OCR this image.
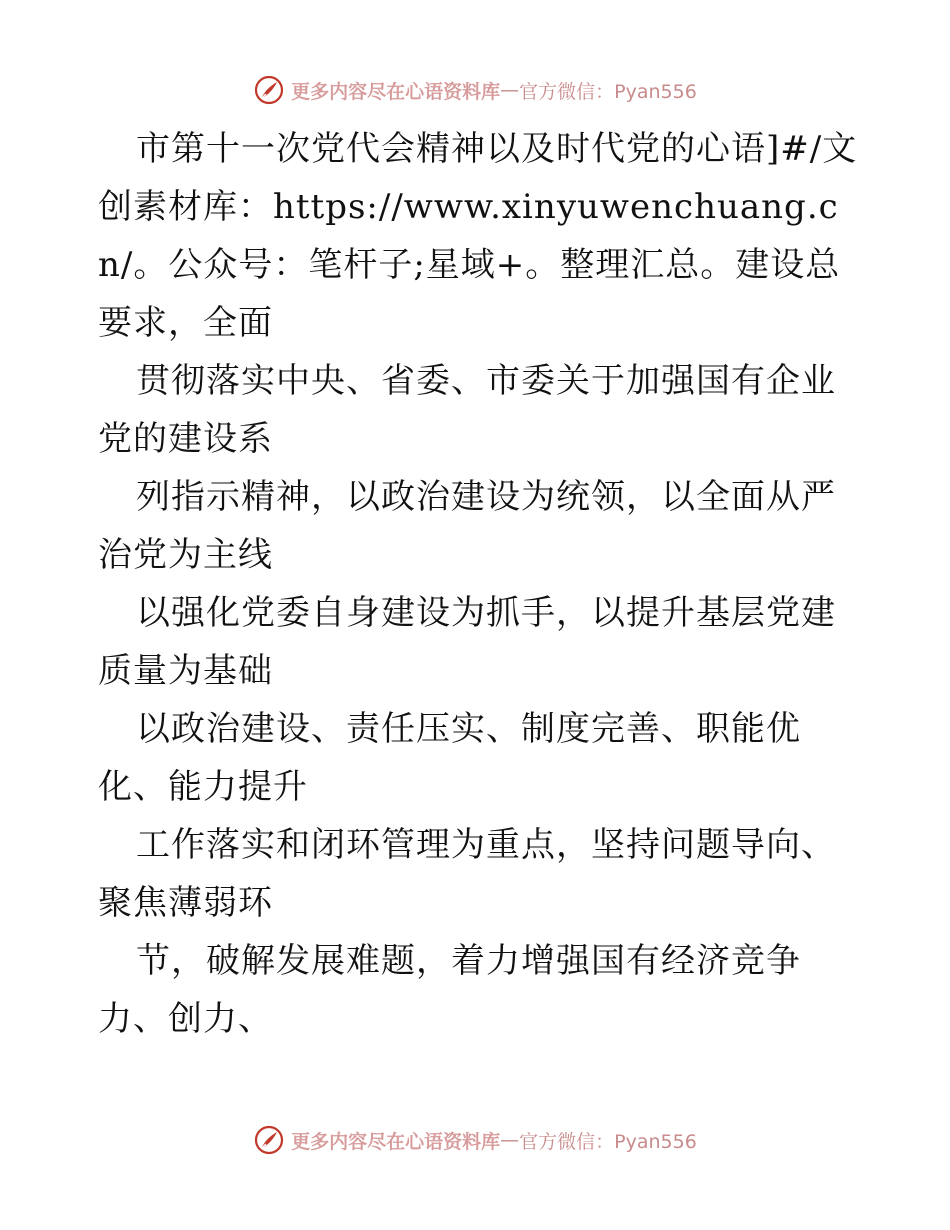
更多内容尽在心语资料库 — 官方微信：Pyan556

市第十一次党代会精神以及时代党的心语]#/文创素材库：https://www.xinyuwenchuang.cn/。公众号：笔杆子;星域+。整理汇总。建设总要求，全面

贯彻落实中央、省委、市委关于加强国有企业党的建设系

列指示精神，以政治建设为统领，以全面从严治党为主线

以强化党委自身建设为抓手，以提升基层党建质量为基础

以政治建设、责任压实、制度完善、职能优化、能力提升

工作落实和闭环管理为重点，坚持问题导向、聚焦薄弱环

节，破解发展难题，着力增强国有经济竞争力、创力、

更多内容尽在心语资料库 — 官方微信：Pyan556
